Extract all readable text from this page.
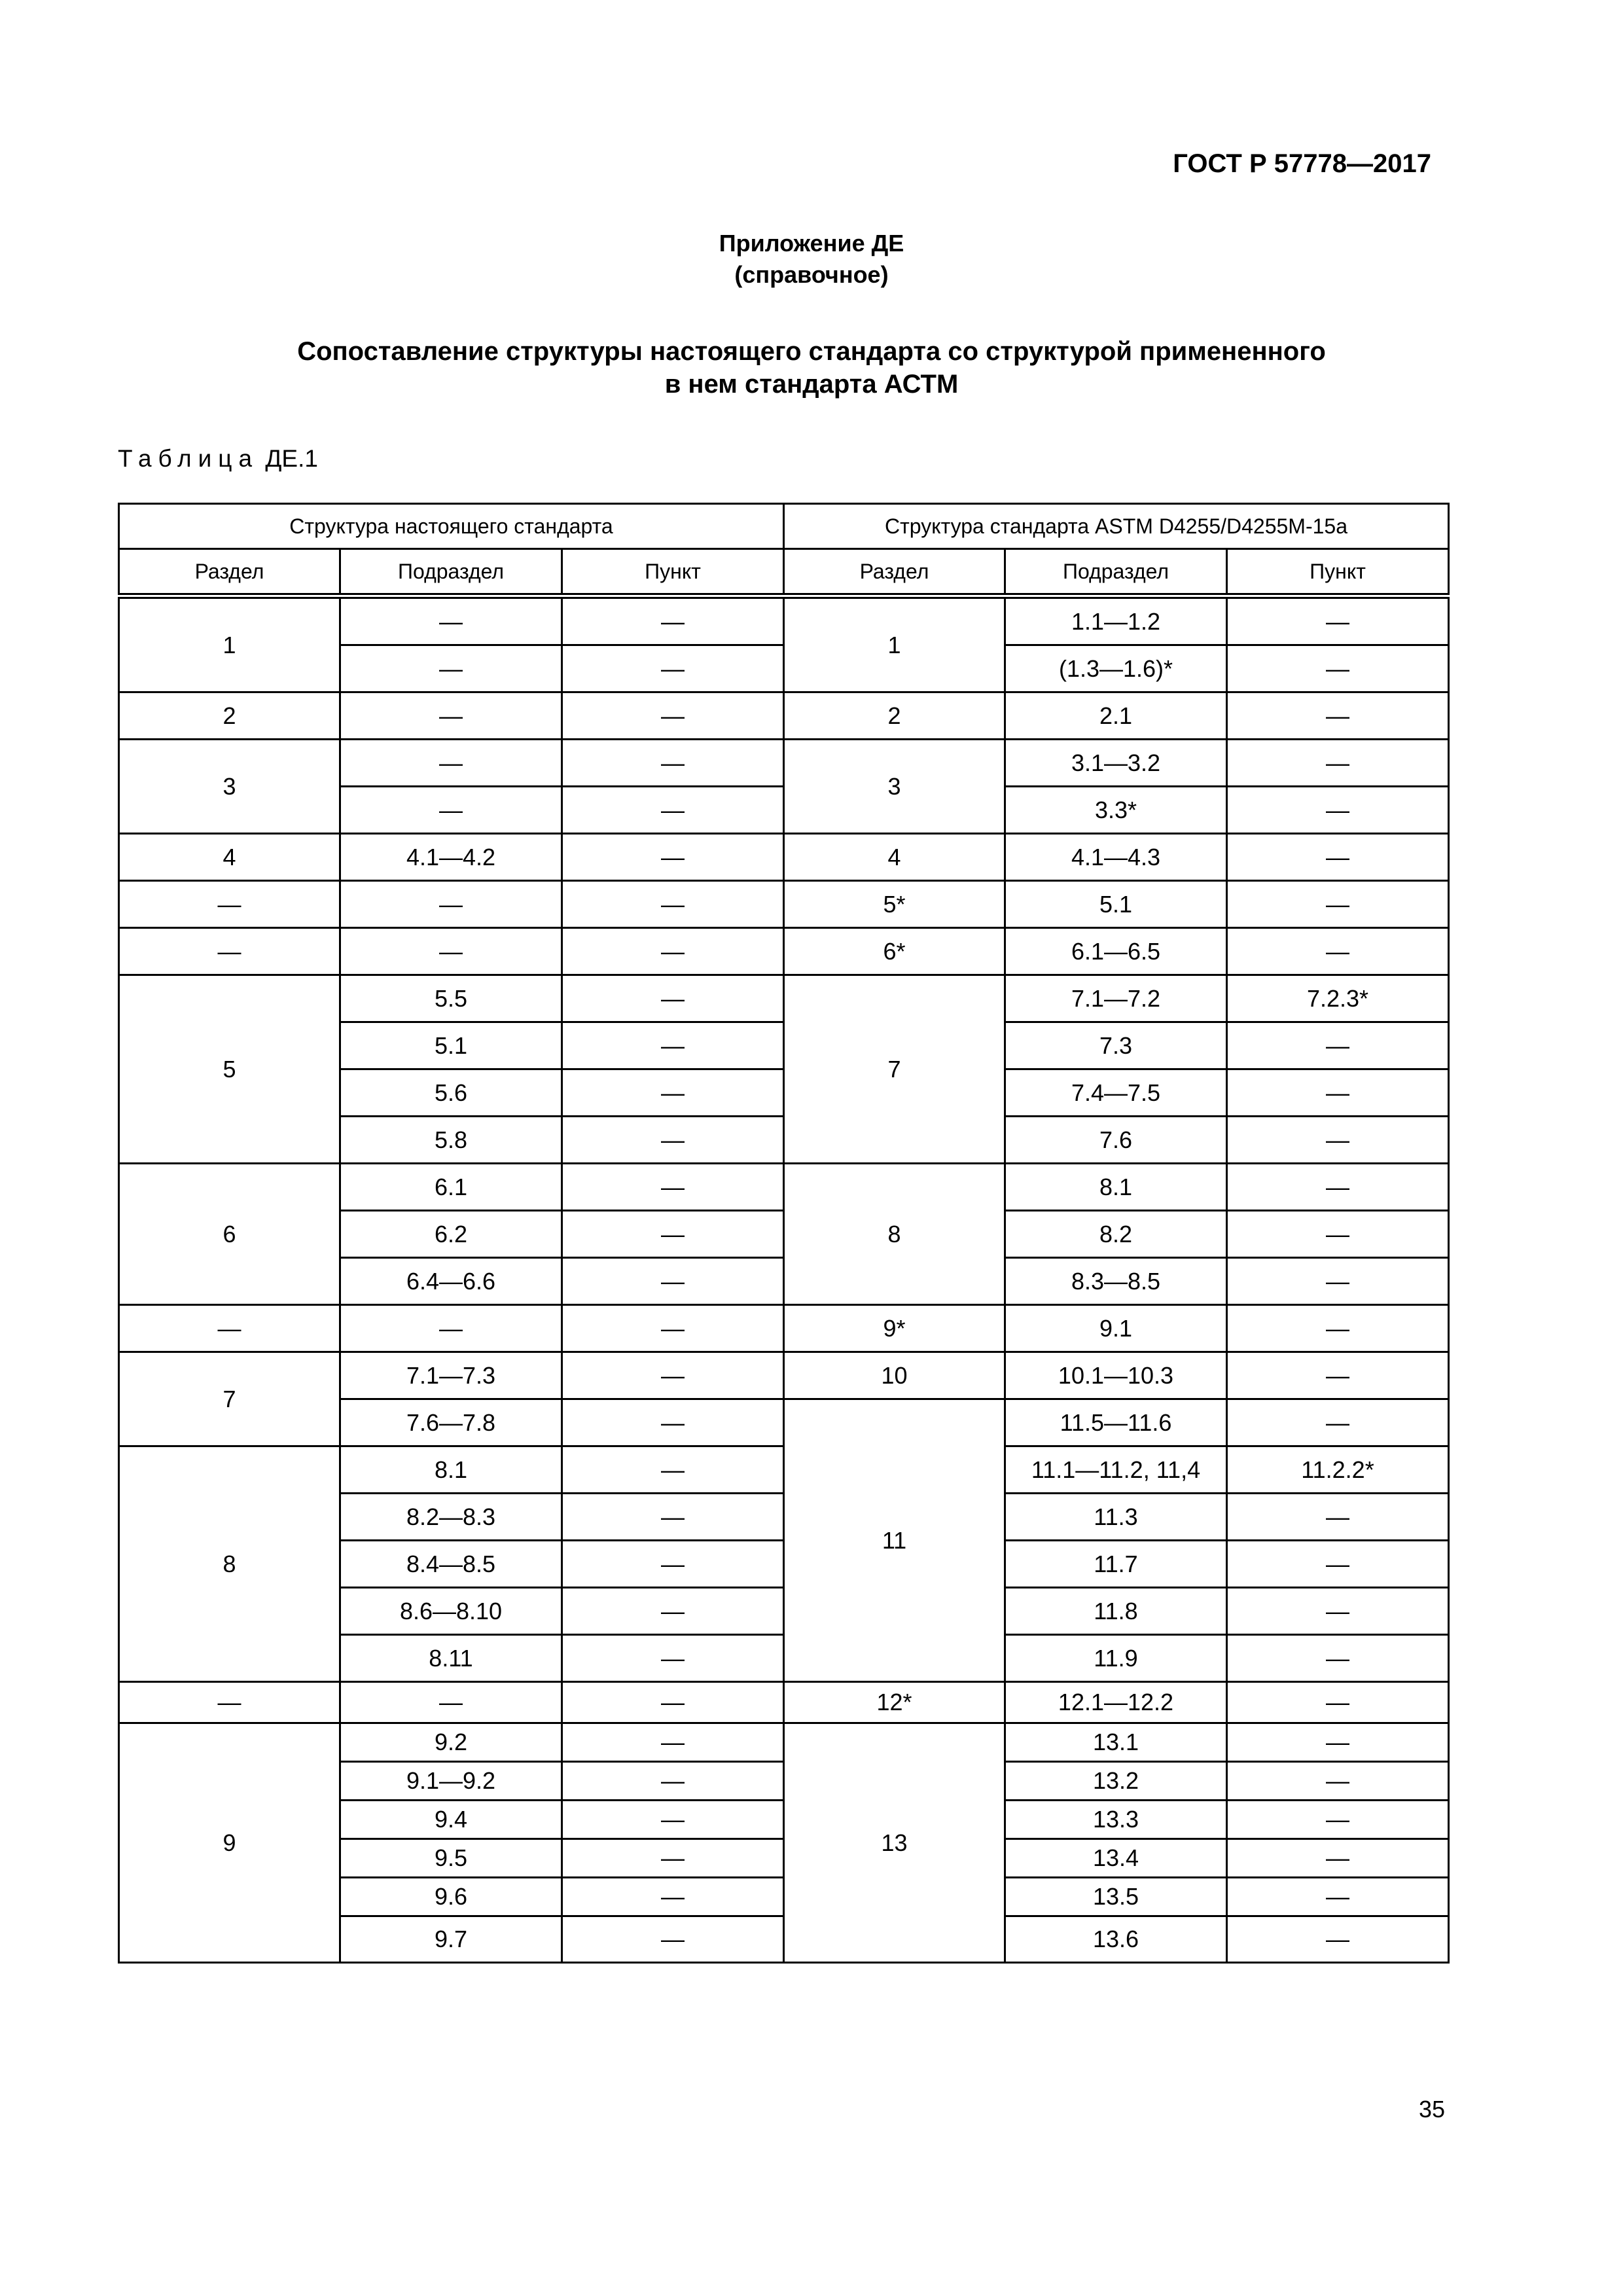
ГОСТ Р 57778—2017
Приложение ДЕ
(справочное)
Сопоставление структуры настоящего стандарта со структурой примененного
в нем стандарта АСТМ
Таблица ДЕ.1
Структура настоящего стандарта			Структура стандарта ASTM D4255/D4255M-15a		
Раздел	Подраздел	Пункт	Раздел	Подраздел	Пункт
1	—	—	1	1.1—1.2	—
	—	—		(1.3—1.6)*	—
2	—	—	2	2.1	—
3	—	—	3	3.1—3.2	—
	—	—		3.3*	—
4	4.1—4.2	—	4	4.1—4.3	—
—	—	—	5*	5.1	—
—	—	—	6*	6.1—6.5	—
5	5.5	—	7	7.1—7.2	7.2.3*
	5.1	—		7.3	—
	5.6	—		7.4—7.5	—
	5.8	—		7.6	—
6	6.1	—	8	8.1	—
	6.2	—		8.2	—
	6.4—6.6	—		8.3—8.5	—
—	—	—	9*	9.1	—
7	7.1—7.3	—	10	10.1—10.3	—
	7.6—7.8	—	11	11.5—11.6	—
8	8.1	—		11.1—11.2, 11,4	11.2.2*
	8.2—8.3	—		11.3	—
	8.4—8.5	—		11.7	—
	8.6—8.10	—		11.8	—
	8.11	—		11.9	—
—	—	—	12*	12.1—12.2	—
9	9.2	—	13	13.1	—
	9.1—9.2	—		13.2	—
	9.4	—		13.3	—
	9.5	—		13.4	—
	9.6	—		13.5	—
	9.7	—		13.6	—
35
